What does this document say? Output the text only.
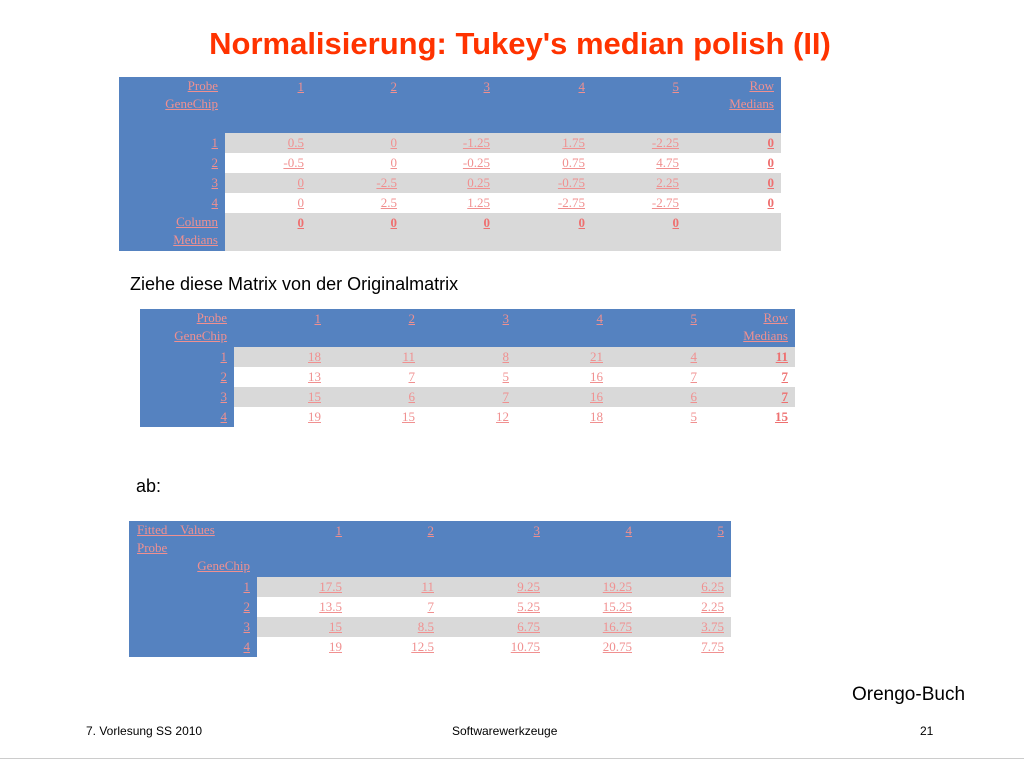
Normalisierung: Tukey's median polish (II)
Probe
GeneChip	1	2	3	4	5	Row
Medians
1	0.5	0	-1.25	1.75	-2.25	0
2	-0.5	0	-0.25	0.75	4.75	0
3	0	-2.5	0.25	-0.75	2.25	0
4	0	2.5	1.25	-2.75	-2.75	0
Column
Medians	0	0	0	0	0	
Ziehe diese Matrix von der Originalmatrix
Probe
GeneChip	1	2	3	4	5	Row
Medians
1	18	11	8	21	4	11
2	13	7	5	16	7	7
3	15	6	7	16	6	7
4	19	15	12	18	5	15
ab:
Fitted    Values
Probe

GeneChip	1	2	3	4	5
1	17.5	11	9.25	19.25	6.25
2	13.5	7	5.25	15.25	2.25
3	15	8.5	6.75	16.75	3.75
4	19	12.5	10.75	20.75	7.75
Orengo-Buch
7. Vorlesung SS 2010	Softwarewerkzeuge	21
